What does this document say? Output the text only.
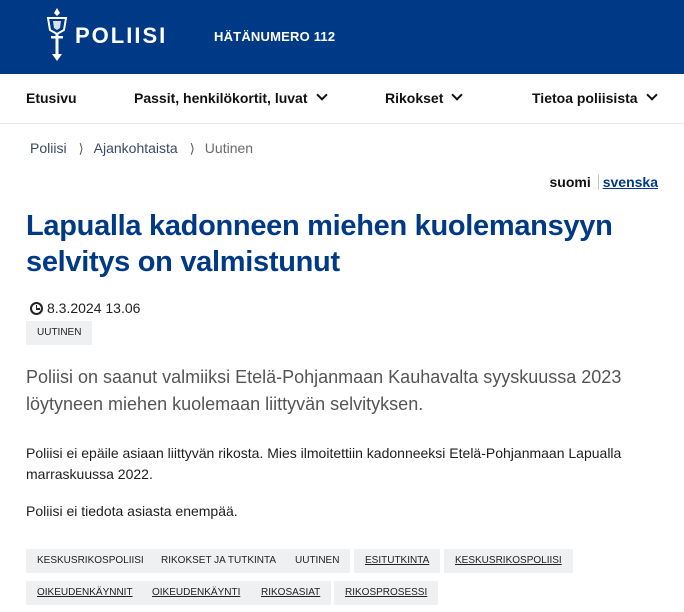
POLIISI	HÄTÄNUMERO 112
Etusivu	Passit, henkilökortit, luvat	Rikokset	Tietoa poliisista
Poliisi ⟩ Ajankohtaista ⟩ Uutinen
suomi svenska
Lapualla kadonneen miehen kuolemansyyn selvitys on valmistunut
8.3.2024 13.06
UUTINEN

Poliisi on saanut valmiiksi Etelä-Pohjanmaan Kauhavalta syyskuussa 2023 löytyneen miehen kuolemaan liittyvän selvityksen.

Poliisi ei epäile asiaan liittyvän rikosta. Mies ilmoitettiin kadonneeksi Etelä-Pohjanmaan Lapualla marraskuussa 2022.

Poliisi ei tiedota asiasta enempää.

KESKUSRIKOSPOLIISI	RIKOKSET JA TUTKINTA	UUTINEN	ESITUTKINTA	KESKUSRIKOSPOLIISI
OIKEUDENKÄYNNIT	OIKEUDENKÄYNTI	RIKOSASIAT	RIKOSPROSESSI
